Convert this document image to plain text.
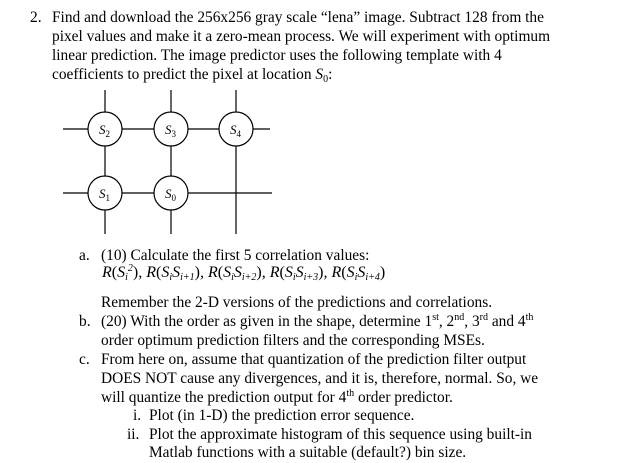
2. Find and download the 256x256 gray scale “lena” image. Subtract 128 from the
pixel values and make it a zero-mean process. We will experiment with optimum
linear prediction. The image predictor uses the following template with 4
coefficients to predict the pixel at location $S_0$:
$S_2$	$S_3$	$S_4$
$S_1$	$S_0$
a. (10) Calculate the first 5 correlation values:
$R(S_i^2)$, $R(S_iS_{i+1})$, $R(S_iS_{i+2})$, $R(S_iS_{i+3})$, $R(S_iS_{i+4})$
Remember the 2-D versions of the predictions and correlations.
b. (20) With the order as given in the shape, determine 1st, 2nd, 3rd and 4th
order optimum prediction filters and the corresponding MSEs.
c. From here on, assume that quantization of the prediction filter output
DOES NOT cause any divergences, and it is, therefore, normal. So, we
will quantize the prediction output for 4th order predictor.
i. Plot (in 1-D) the prediction error sequence.
ii. Plot the approximate histogram of this sequence using built-in
Matlab functions with a suitable (default?) bin size.
